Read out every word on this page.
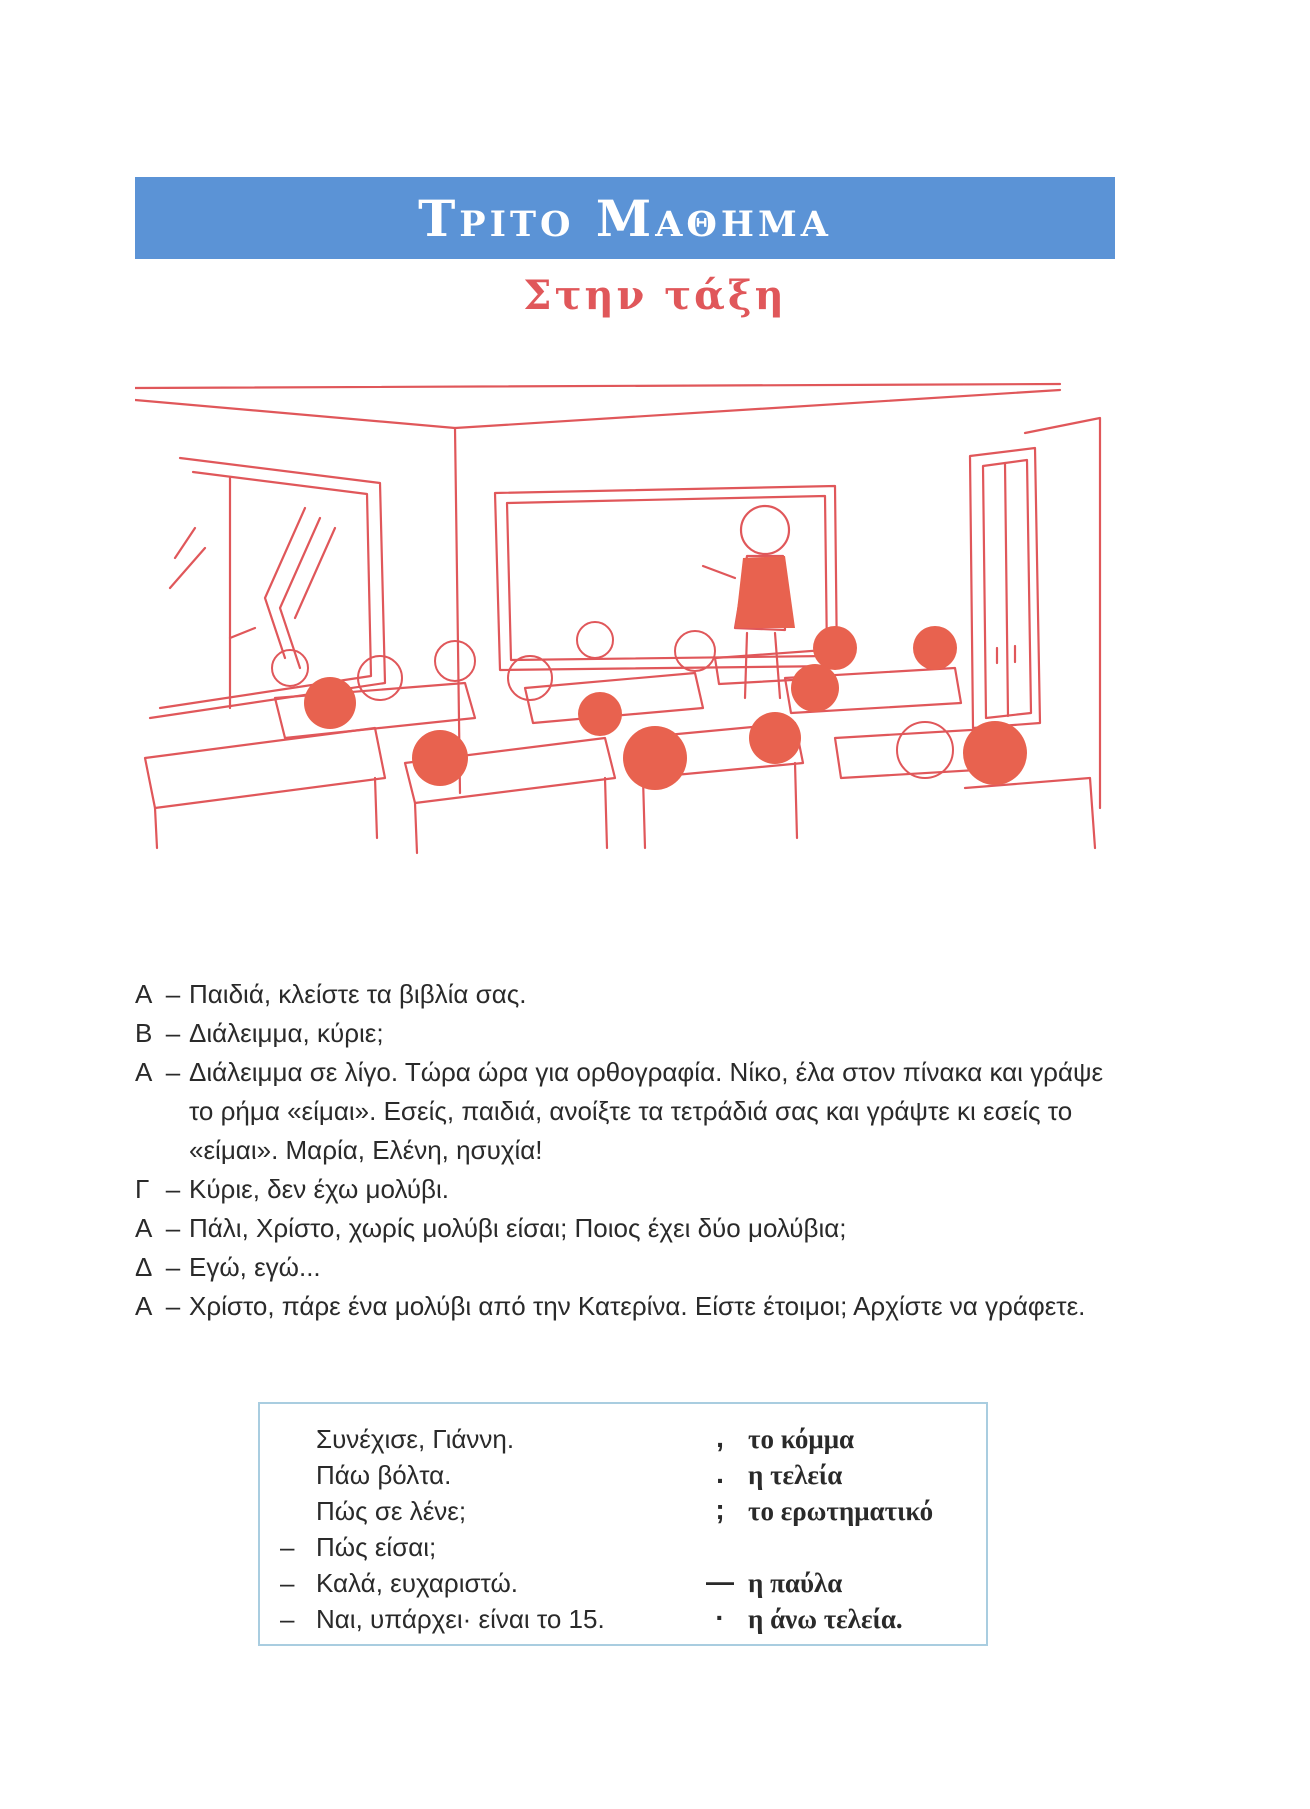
Τριτο Μαθημα
Στην τάξη
Α – Παιδιά, κλείστε τα βιβλία σας.
Β – Διάλειμμα, κύριε;
Α – Διάλειμμα σε λίγο. Τώρα ώρα για ορθογραφία. Νίκο, έλα στον πίνακα και γράψε το ρήμα «είμαι». Εσείς, παιδιά, ανοίξτε τα τετράδιά σας και γράψτε κι εσείς το «είμαι». Μαρία, Ελένη, ησυχία!
Γ – Κύριε, δεν έχω μολύβι.
Α – Πάλι, Χρίστο, χωρίς μολύβι είσαι; Ποιος έχει δύο μολύβια;
Δ – Εγώ, εγώ...
Α – Χρίστο, πάρε ένα μολύβι από την Κατερίνα. Είστε έτοιμοι; Αρχίστε να γράφετε.
Συνέχισε, Γιάννη.	, το κόμμα
Πάω βόλτα.	. η τελεία
Πώς σε λένε;	; το ερωτηματικό
– Πώς είσαι;
– Καλά, ευχαριστώ.	— η παύλα
– Ναι, υπάρχει· είναι το 15.	· η άνω τελεία.
